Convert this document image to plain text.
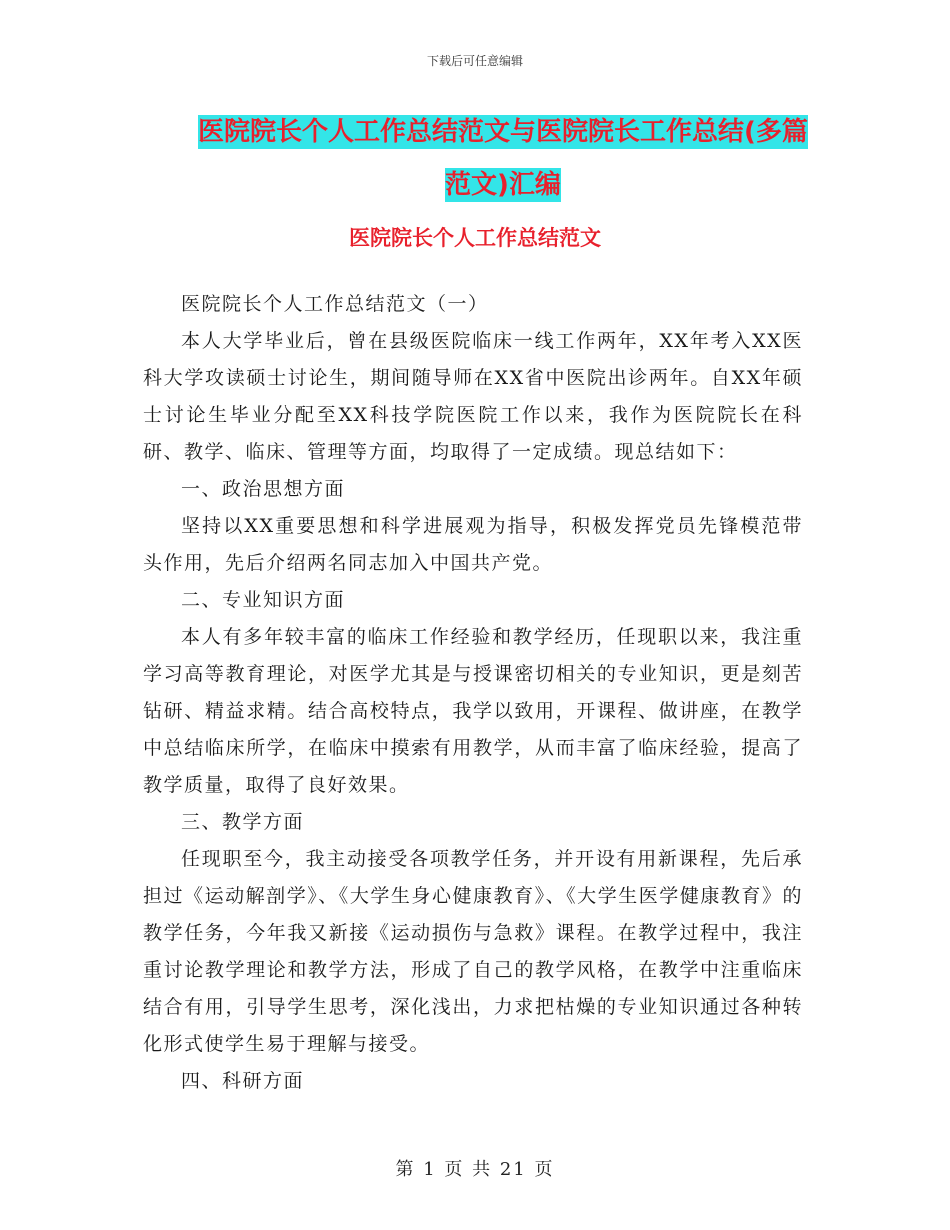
下载后可任意编辑
医院院长个人工作总结范文与医院院长工作总结(多篇范文)汇编
医院院长个人工作总结范文

医院院长个人工作总结范文（一）

本人大学毕业后，曾在县级医院临床一线工作两年，XX年考入XX医科大学攻读硕士讨论生，期间随导师在XX省中医院出诊两年。自XX年硕士讨论生毕业分配至XX科技学院医院工作以来，我作为医院院长在科研、教学、临床、管理等方面，均取得了一定成绩。现总结如下：

一、政治思想方面

坚持以XX重要思想和科学进展观为指导，积极发挥党员先锋模范带头作用，先后介绍两名同志加入中国共产党。

二、专业知识方面

本人有多年较丰富的临床工作经验和教学经历，任现职以来，我注重学习高等教育理论，对医学尤其是与授课密切相关的专业知识，更是刻苦钻研、精益求精。结合高校特点，我学以致用，开课程、做讲座，在教学中总结临床所学，在临床中摸索有用教学，从而丰富了临床经验，提高了教学质量，取得了良好效果。

三、教学方面

任现职至今，我主动接受各项教学任务，并开设有用新课程，先后承担过《运动解剖学》、《大学生身心健康教育》、《大学生医学健康教育》的教学任务，今年我又新接《运动损伤与急救》课程。在教学过程中，我注重讨论教学理论和教学方法，形成了自己的教学风格，在教学中注重临床结合有用，引导学生思考，深化浅出，力求把枯燥的专业知识通过各种转化形式使学生易于理解与接受。

四、科研方面

第 1 页 共 21 页
